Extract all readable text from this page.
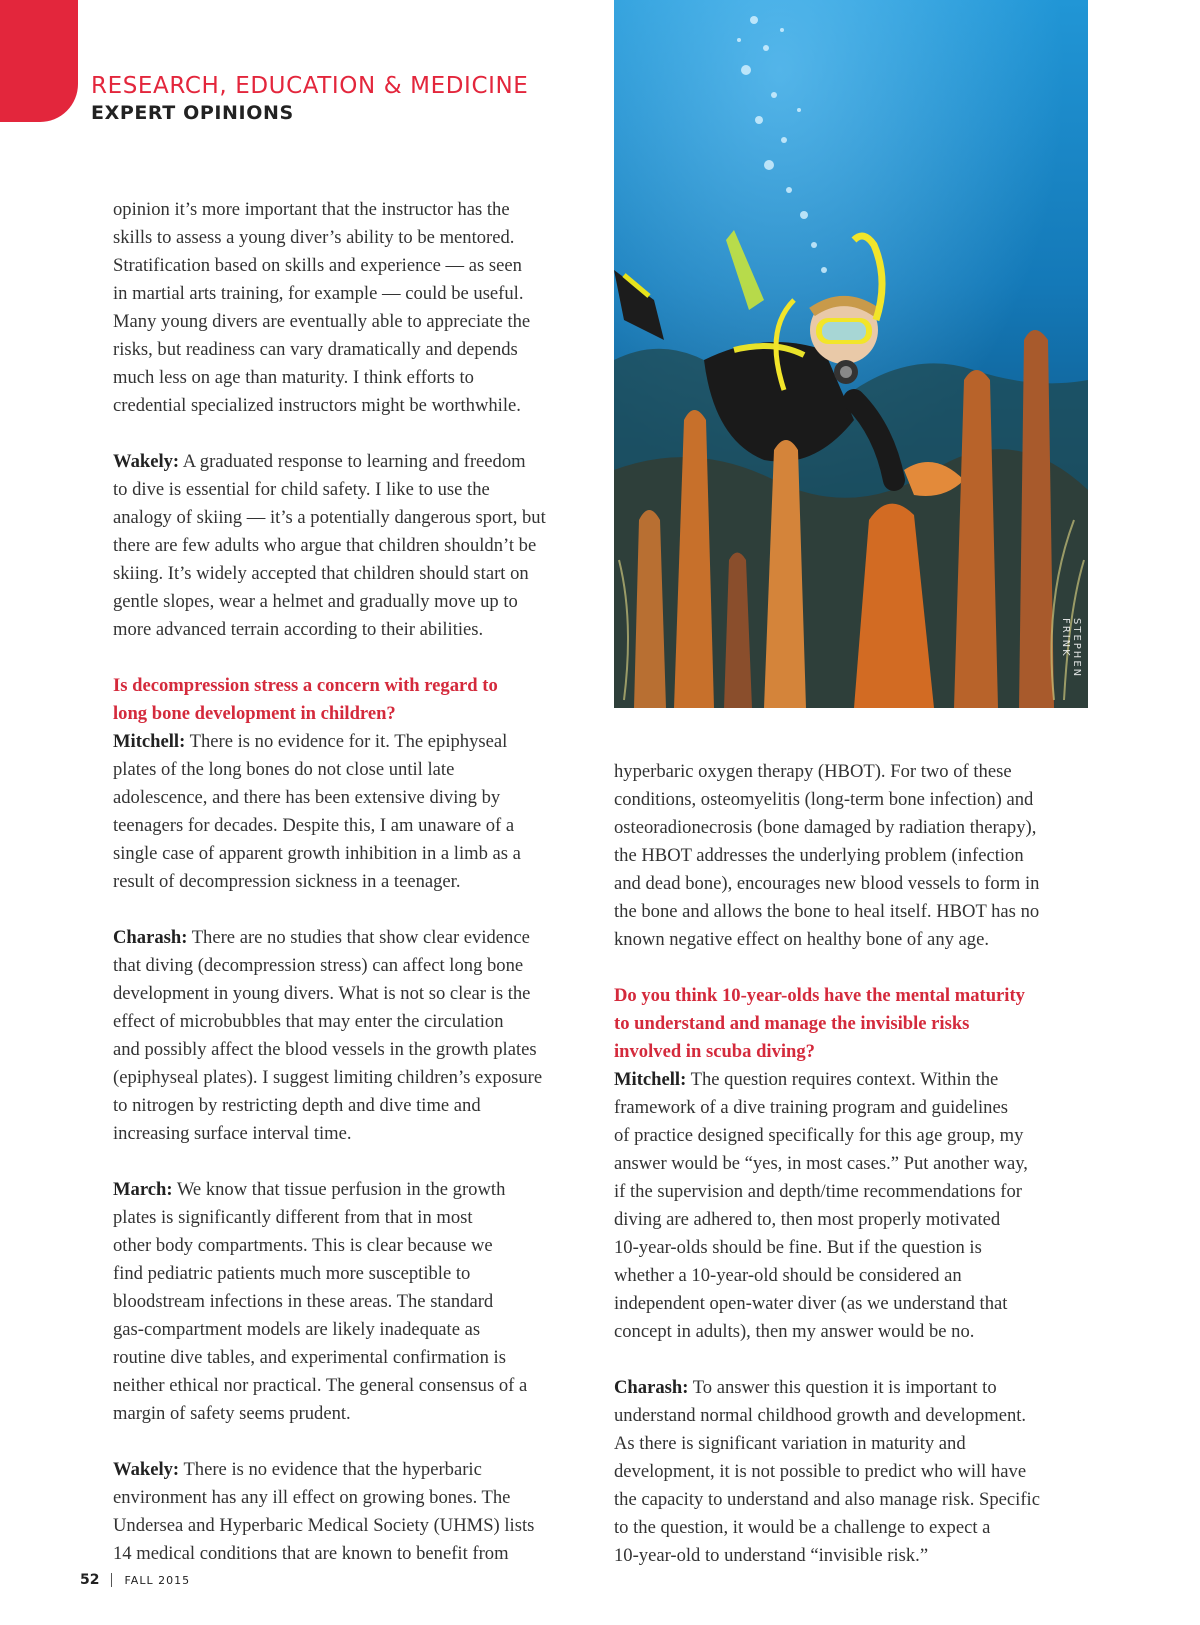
RESEARCH, EDUCATION & MEDICINE
EXPERT OPINIONS

opinion it’s more important that the instructor has the
skills to assess a young diver’s ability to be mentored.
Stratification based on skills and experience — as seen
in martial arts training, for example — could be useful.
Many young divers are eventually able to appreciate the
risks, but readiness can vary dramatically and depends
much less on age than maturity. I think efforts to
credential specialized instructors might be worthwhile.

Wakely: A graduated response to learning and freedom
to dive is essential for child safety. I like to use the
analogy of skiing — it’s a potentially dangerous sport, but
there are few adults who argue that children shouldn’t be
skiing. It’s widely accepted that children should start on
gentle slopes, wear a helmet and gradually move up to
more advanced terrain according to their abilities.

Is decompression stress a concern with regard to
long bone development in children?

Mitchell: There is no evidence for it. The epiphyseal
plates of the long bones do not close until late
adolescence, and there has been extensive diving by
teenagers for decades. Despite this, I am unaware of a
single case of apparent growth inhibition in a limb as a
result of decompression sickness in a teenager.

Charash: There are no studies that show clear evidence
that diving (decompression stress) can affect long bone
development in young divers. What is not so clear is the
effect of microbubbles that may enter the circulation
and possibly affect the blood vessels in the growth plates
(epiphyseal plates). I suggest limiting children’s exposure
to nitrogen by restricting depth and dive time and
increasing surface interval time.

March: We know that tissue perfusion in the growth
plates is significantly different from that in most
other body compartments. This is clear because we
find pediatric patients much more susceptible to
bloodstream infections in these areas. The standard
gas-compartment models are likely inadequate as
routine dive tables, and experimental confirmation is
neither ethical nor practical. The general consensus of a
margin of safety seems prudent.

Wakely: There is no evidence that the hyperbaric
environment has any ill effect on growing bones. The
Undersea and Hyperbaric Medical Society (UHMS) lists
14 medical conditions that are known to benefit from

STEPHEN FRINK

hyperbaric oxygen therapy (HBOT). For two of these
conditions, osteomyelitis (long-term bone infection) and
osteoradionecrosis (bone damaged by radiation therapy),
the HBOT addresses the underlying problem (infection
and dead bone), encourages new blood vessels to form in
the bone and allows the bone to heal itself. HBOT has no
known negative effect on healthy bone of any age.

Do you think 10-year-olds have the mental maturity
to understand and manage the invisible risks
involved in scuba diving?

Mitchell: The question requires context. Within the
framework of a dive training program and guidelines
of practice designed specifically for this age group, my
answer would be “yes, in most cases.” Put another way,
if the supervision and depth/time recommendations for
diving are adhered to, then most properly motivated
10-year-olds should be fine. But if the question is
whether a 10-year-old should be considered an
independent open-water diver (as we understand that
concept in adults), then my answer would be no.

Charash: To answer this question it is important to
understand normal childhood growth and development.
As there is significant variation in maturity and
development, it is not possible to predict who will have
the capacity to understand and also manage risk. Specific
to the question, it would be a challenge to expect a
10-year-old to understand “invisible risk.”

52 FALL 2015
